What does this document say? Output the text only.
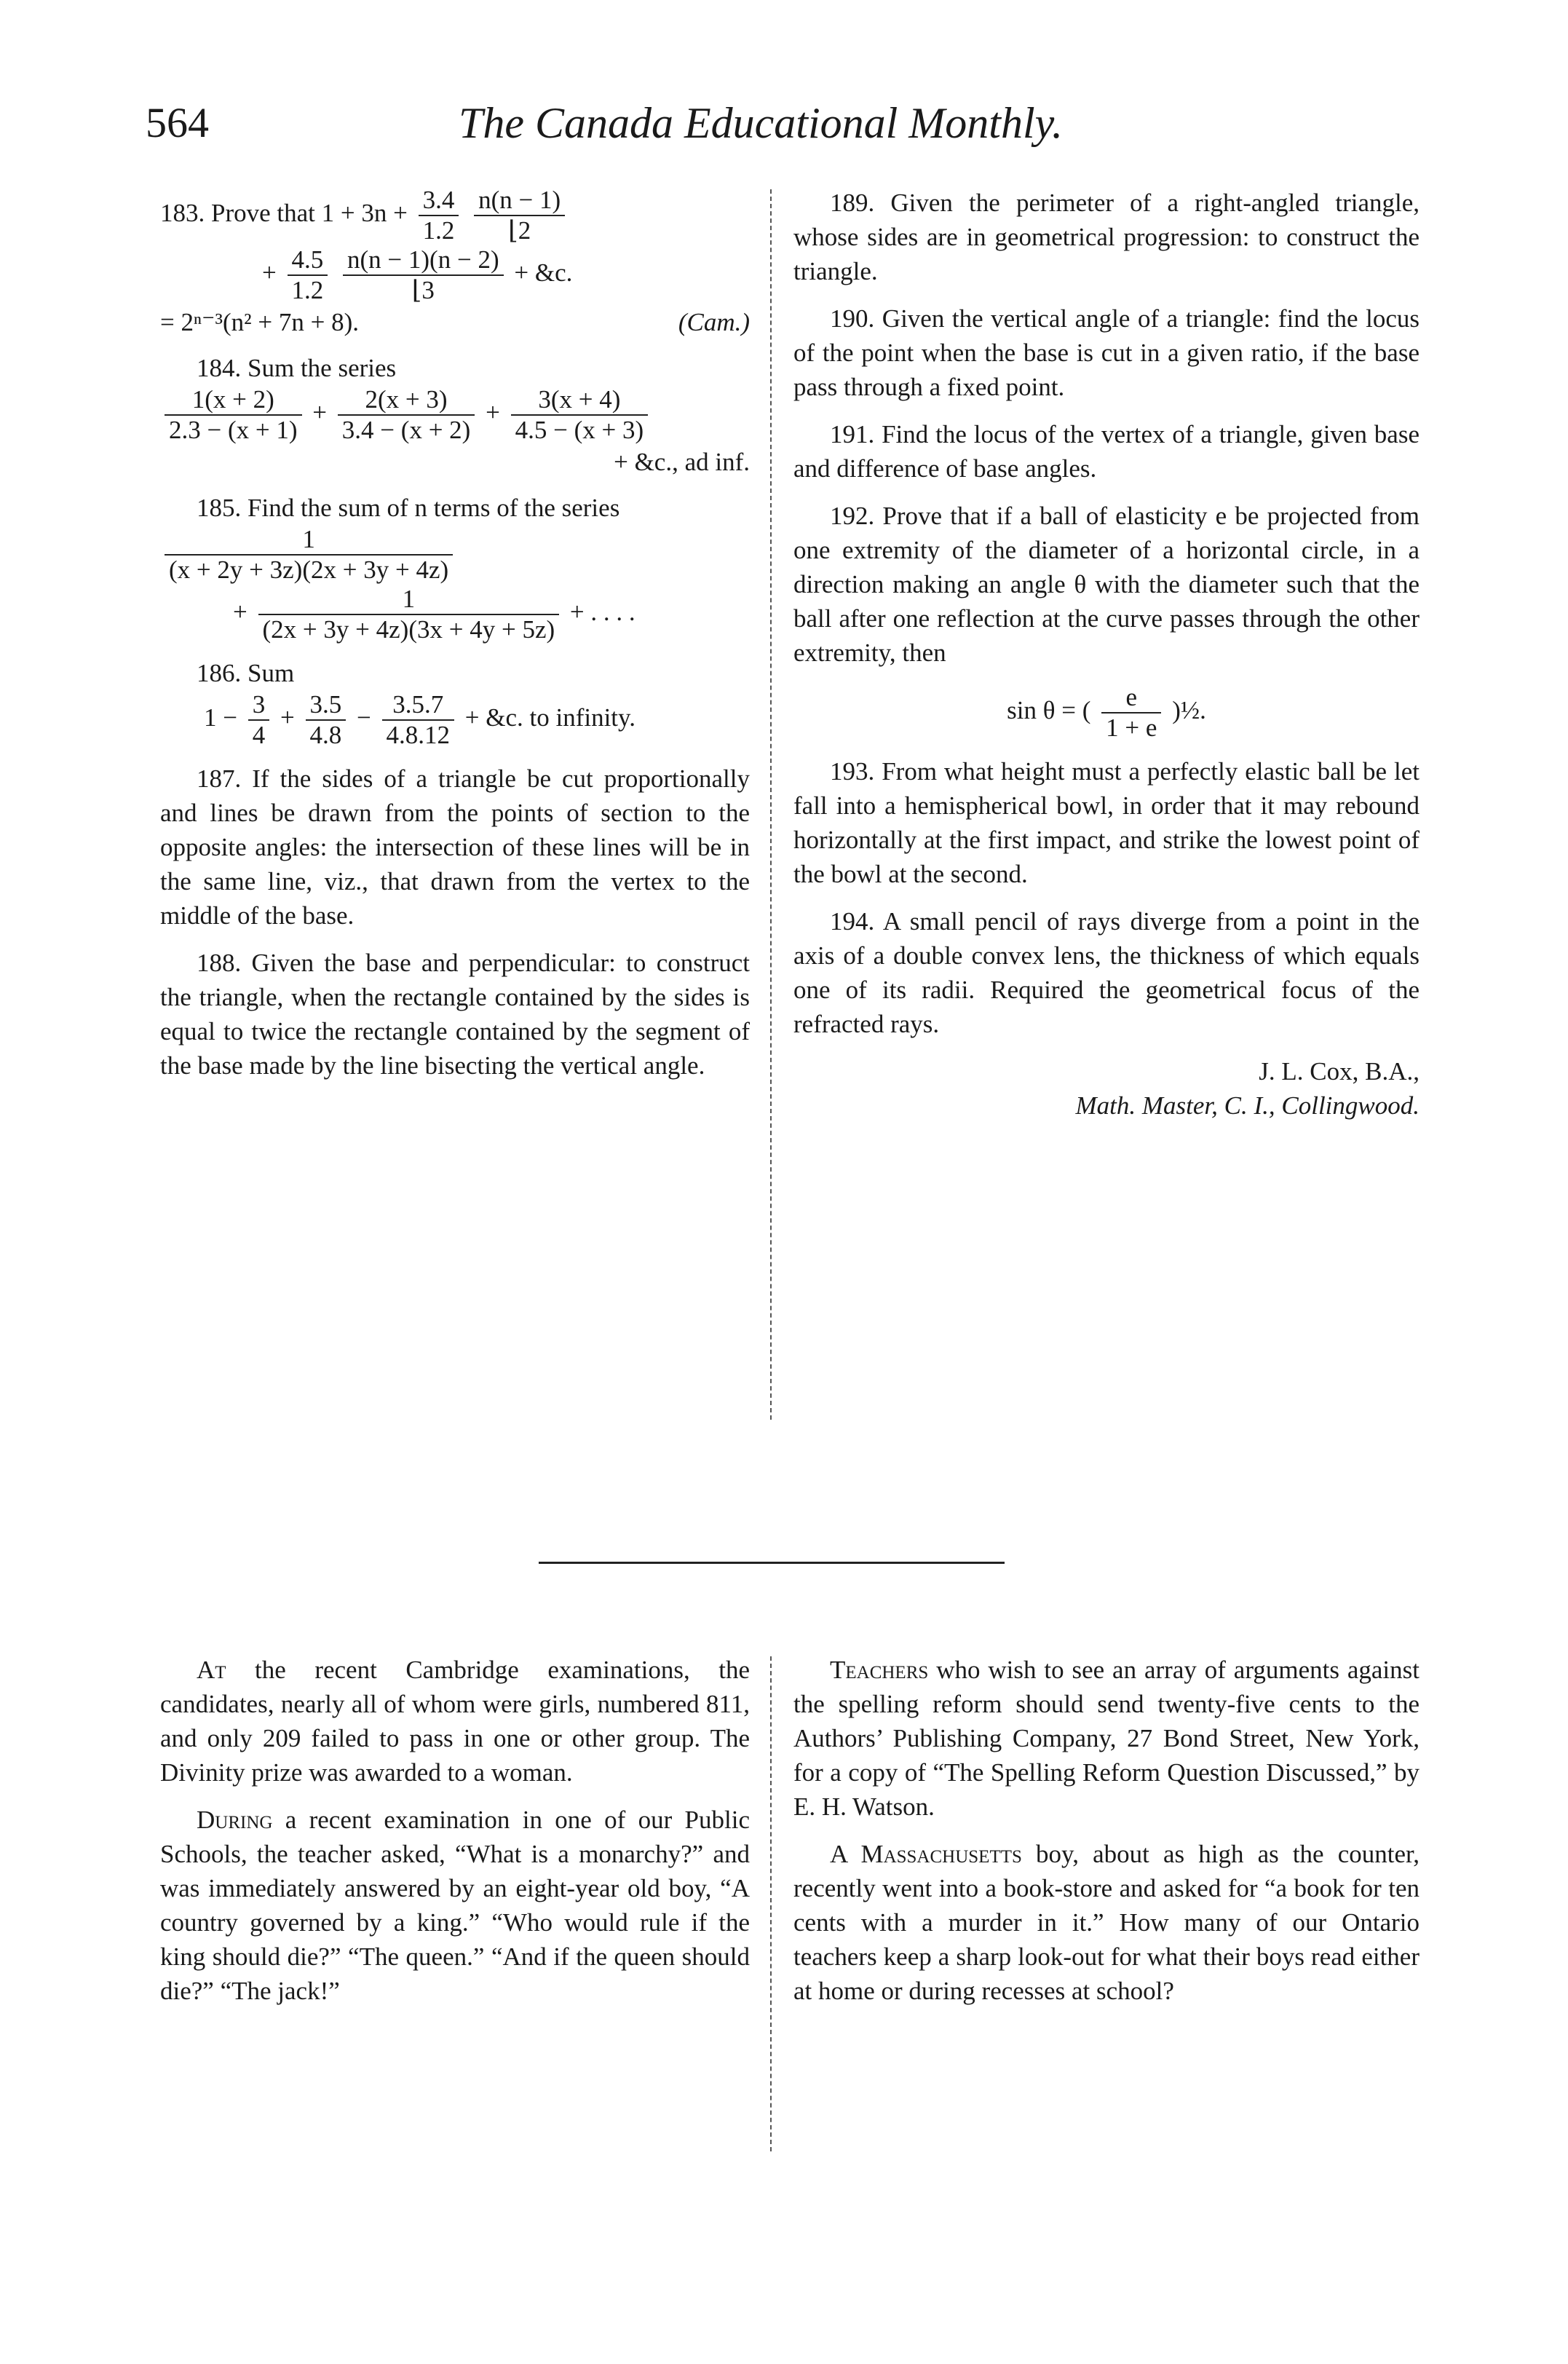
564	The Canada Educational Monthly.
183. Prove that $1 + 3n + \frac{3.4}{1.2}$
$\frac{n(n - 1)}{⌊2}$
+ $\frac{4.5}{1.2}$
$\frac{n(n - 1)(n - 2)}{⌊3}$ + &c.
= 2ⁿ⁻³(n² + 7n + 8).	(Cam.)
184. Sum the series
$\frac{1(x + 2)}{2.3 - (x + 1)} + \frac{2(x + 3)}{3.4 - (x + 2)} + \frac{3(x + 4)}{4.5 - (x + 3)}$
+ &c., ad inf.
185. Find the sum of n terms of the series
$\frac{1}{(x + 2y + 3z)(2x + 3y + 4z)}$
+ $\frac{1}{(2x + 3y + 4z)(3x + 4y + 5z)}$ + . . . .
186. Sum
$1 - \frac{3}{4} + \frac{3.5}{4.8} - \frac{3.5.7}{4.8.12}$ + &c. to infinity.

187. If the sides of a triangle be cut proportionally and lines be drawn from the points of section to the opposite angles: the intersection of these lines will be in the same line, viz., that drawn from the vertex to the middle of the base.

188. Given the base and perpendicular: to construct the triangle, when the rectangle contained by the sides is equal to twice the rectangle contained by the segment of the base made by the line bisecting the vertical angle.

189. Given the perimeter of a right-angled triangle, whose sides are in geometrical progression: to construct the triangle.

190. Given the vertical angle of a triangle: find the locus of the point when the base is cut in a given ratio, if the base pass through a fixed point.

191. Find the locus of the vertex of a triangle, given base and difference of base angles.

192. Prove that if a ball of elasticity e be projected from one extremity of the diameter of a horizontal circle, in a direction making an angle θ with the diameter such that the ball after one reflection at the curve passes through the other extremity, then

sin θ = ( $\frac{e}{1 + e}$ )½.

193. From what height must a perfectly elastic ball be let fall into a hemispherical bowl, in order that it may rebound horizontally at the first impact, and strike the lowest point of the bowl at the second.

194. A small pencil of rays diverge from a point in the axis of a double convex lens, the thickness of which equals one of its radii. Required the geometrical focus of the refracted rays.

J. L. Cox, B.A.,
Math. Master, C. I., Collingwood.

At the recent Cambridge examinations, the candidates, nearly all of whom were girls, numbered 811, and only 209 failed to pass in one or other group. The Divinity prize was awarded to a woman.

During a recent examination in one of our Public Schools, the teacher asked, “What is a monarchy?” and was immediately answered by an eight-year old boy, “A country governed by a king.” “Who would rule if the king should die?” “The queen.” “And if the queen should die?” “The jack!”

Teachers who wish to see an array of arguments against the spelling reform should send twenty-five cents to the Authors’ Publishing Company, 27 Bond Street, New York, for a copy of “The Spelling Reform Question Discussed,” by E. H. Watson.

A Massachusetts boy, about as high as the counter, recently went into a book-store and asked for “a book for ten cents with a murder in it.” How many of our Ontario teachers keep a sharp look-out for what their boys read either at home or during recesses at school?
